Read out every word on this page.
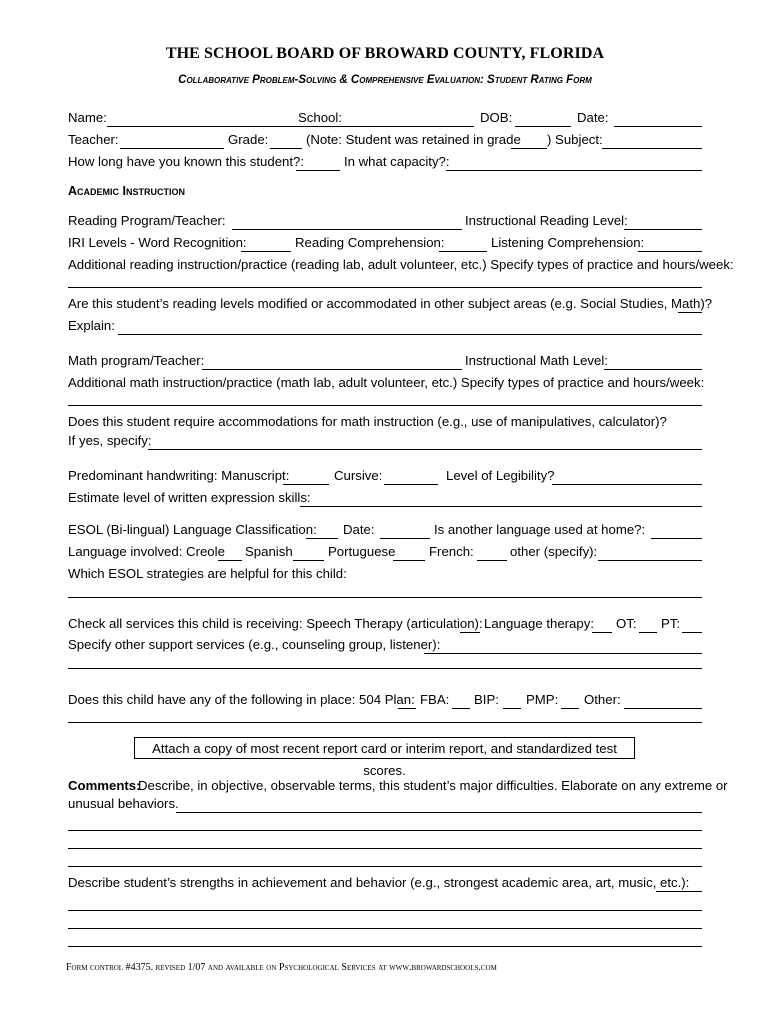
THE SCHOOL BOARD OF BROWARD COUNTY, FLORIDA
Collaborative Problem-Solving & Comprehensive Evaluation: Student Rating Form
Name:	School:	DOB:	Date:
Teacher:	Grade:	(Note: Student was retained in grade ) Subject:
How long have you known this student?:	In what capacity?:
Academic Instruction
Reading Program/Teacher:	Instructional Reading Level:
IRI Levels - Word Recognition:	Reading Comprehension:	Listening Comprehension:
Additional reading instruction/practice (reading lab, adult volunteer, etc.) Specify types of practice and hours/week:
Are this student’s reading levels modified or accommodated in other subject areas (e.g. Social Studies, Math)?
Explain:
Math program/Teacher:	Instructional Math Level:
Additional math instruction/practice (math lab, adult volunteer, etc.) Specify types of practice and hours/week:
Does this student require accommodations for math instruction (e.g., use of manipulatives, calculator)?
If yes, specify:
Predominant handwriting: Manuscript:	Cursive:	Level of Legibility?
Estimate level of written expression skills:
ESOL (Bi-lingual) Language Classification: Date:	Is another language used at home?:
Language involved: Creole Spanish	Portuguese	French:	other (specify):
Which ESOL strategies are helpful for this child:
Check all services this child is receiving: Speech Therapy (articulation): Language therapy: OT: PT:
Specify other support services (e.g., counseling group, listener):
Does this child have any of the following in place: 504 Plan: FBA: BIP: PMP: Other:
Attach a copy of most recent report card or interim report, and standardized test scores.
Comments:
Describe, in objective, observable terms, this student’s major difficulties. Elaborate on any extreme or
unusual behaviors.
Describe student’s strengths in achievement and behavior (e.g., strongest academic area, art, music, etc.):
Form control #4375. revised 1/07 and available on Psychological Services at www.browardschools.com
